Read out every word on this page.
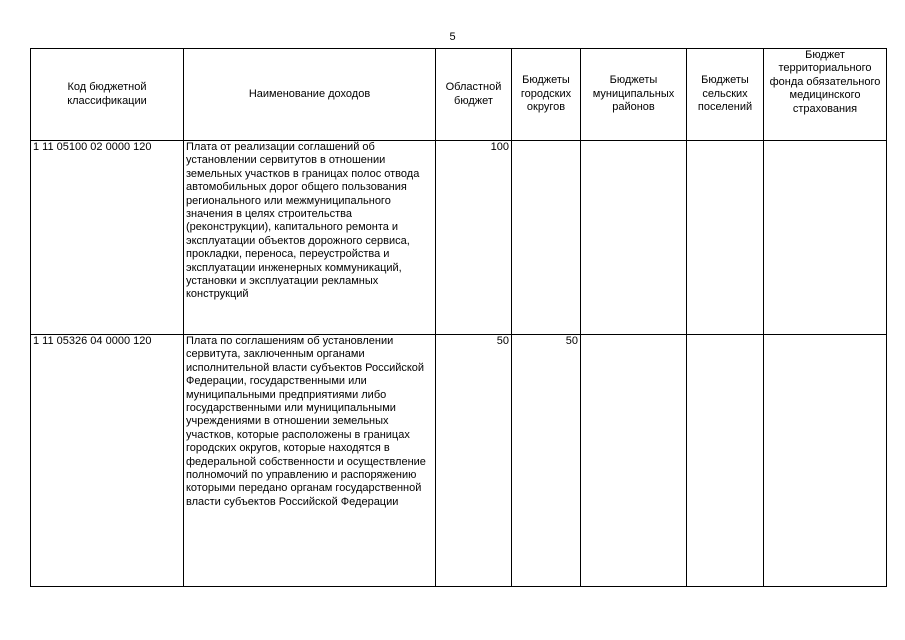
5
Код бюджетной классификации	Наименование доходов	Областной бюджет	Бюджеты городских округов	Бюджеты муниципальных районов	Бюджеты сельских поселений	Бюджет территориального фонда обязательного медицинского страхования
1 11 05100 02 0000 120	Плата от реализации соглашений об установлении сервитутов в отношении земельных участков в границах полос отвода автомобильных дорог общего пользования регионального или межмуниципального значения в целях строительства (реконструкции), капитального ремонта и эксплуатации объектов дорожного сервиса, прокладки, переноса, переустройства и эксплуатации инженерных коммуникаций, установки и эксплуатации рекламных конструкций	100				
1 11 05326 04 0000 120	Плата по соглашениям об установлении сервитута, заключенным органами исполнительной власти субъектов Российской Федерации, государственными или муниципальными предприятиями либо государственными или муниципальными учреждениями в отношении земельных участков, которые расположены в границах городских округов, которые находятся в федеральной собственности и осуществление полномочий по управлению и распоряжению которыми передано органам государственной власти субъектов Российской Федерации	50	50			
